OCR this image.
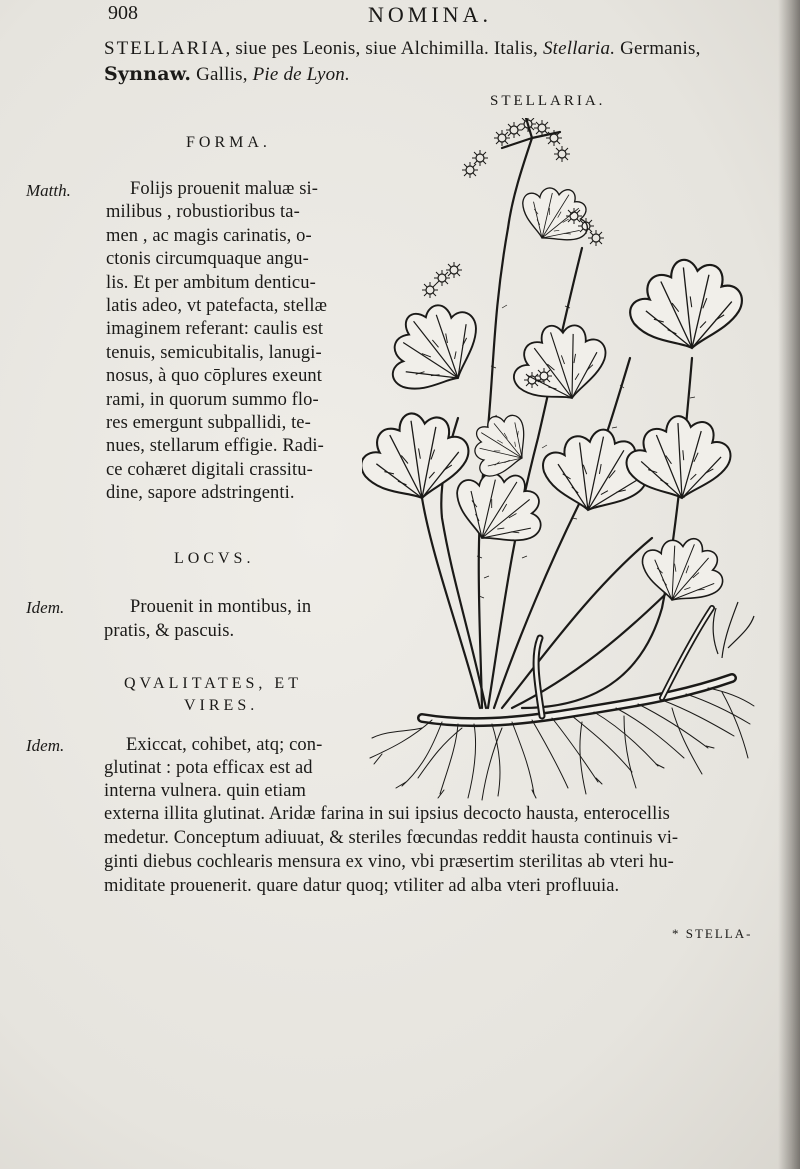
908	NOMINA.
STELLARIA, siue pes Leonis, siue Alchimilla. Italis, Stellaria. Germanis,
Synnaw. Gallis, Pie de Lyon.
STELLARIA.
FORMA.
Matth.	Folijs prouenit maluæ si-
milibus , robustioribus ta-
men , ac magis carinatis, o-
ctonis circumquaque angu-
lis. Et per ambitum denticu-
latis adeo, vt patefacta, stellæ
imaginem referant: caulis est
tenuis, semicubitalis, lanugi-
nosus, à quo cōplures exeunt
rami, in quorum summo flo-
res emergunt subpallidi, te-
nues, stellarum effigie. Radi-
ce cohæret digitali crassitu-
dine, sapore adstringenti.
LOCVS.
Idem.	Prouenit in montibus, in
pratis, & pascuis.
QVALITATES, ET
VIRES.
Idem.	Exiccat, cohibet, atq; con-
glutinat : pota efficax est ad
interna vulnera. quin etiam
externa illita glutinat. Aridæ farina in sui ipsius decocto hausta, enterocellis
medetur. Conceptum adiuuat, & steriles fœcundas reddit hausta continuis vi-
ginti diebus cochlearis mensura ex vino, vbi præsertim sterilitas ab vteri hu-
miditate prouenerit. quare datur quoq; vtiliter ad alba vteri profluuia.
* STELLA-
